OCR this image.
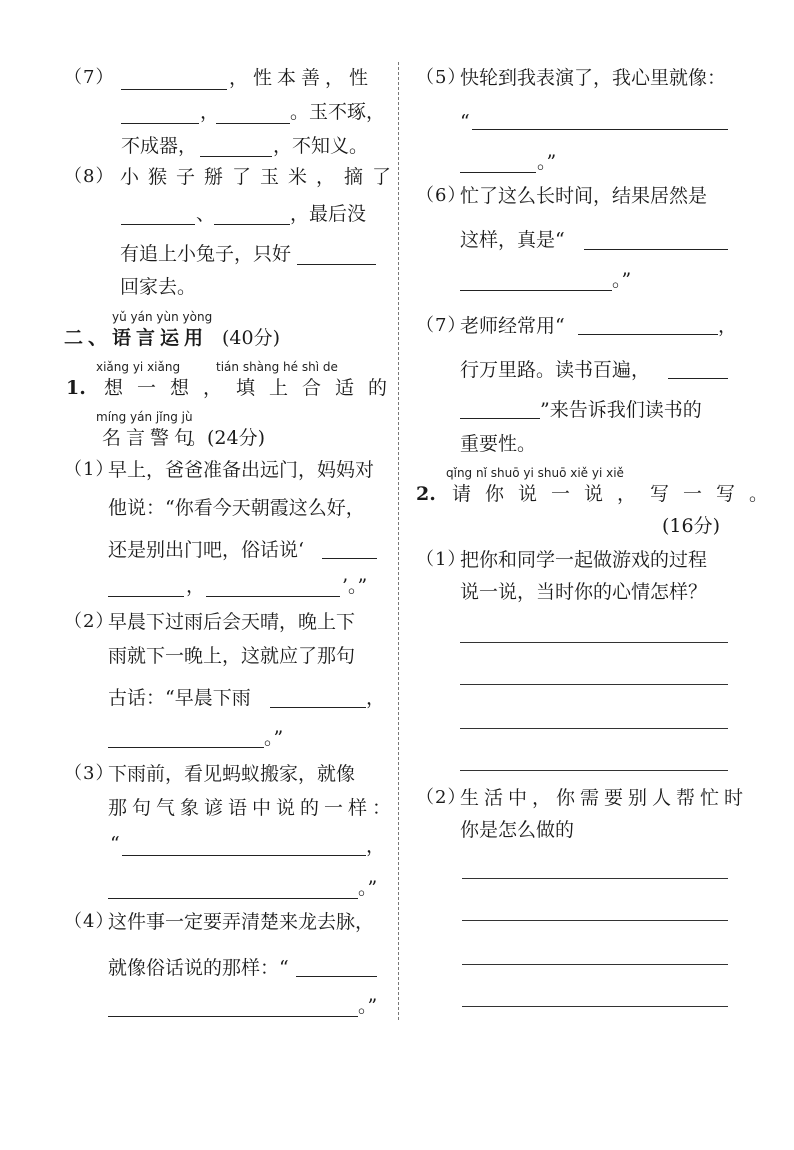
（7）	，性本善，性
，	。玉不琢，
不成器，	，不知义。
（8） 小猴子掰了玉米，摘了
、	，最后没
有追上小兔子，只好
回家去。
yǔ yán yùn yòng
二、语言运用 (40分)
xiǎng yi xiǎng	tián shàng hé shì de
1. 想一想，填上合适的
míng yán jǐng jù
名言警句
。(24分)
（1）
早上，爸爸准备出远门，妈妈对
他说：“你看今天朝霞这么好，
还是别出门吧，俗话说‘
，	’。”
（2）
早晨下过雨后会天晴，晚上下
雨就下一晚上，这就应了那句
古话：“早晨下雨	，
。”
（3）
下雨前，看见蚂蚁搬家，就像
那句气象谚语中说的一样：
“	，
。”
（4）
这件事一定要弄清楚来龙去脉，
就像俗话说的那样：“
。”
（5）
快轮到我表演了，我心里就像：
“
。”
（6）
忙了这么长时间，结果居然是
这样，真是“
。”
（7）
老师经常用“	，
行万里路。读书百遍，
”来告诉我们读书的
重要性。
qǐng nǐ shuō yi shuō xiě yi xiě
2. 请你说一说，写一写。
(16分)
（1）
把你和同学一起做游戏的过程
说一说，当时你的心情怎样？
（2）
生活中，你需要别人帮忙时
你是怎么做的
